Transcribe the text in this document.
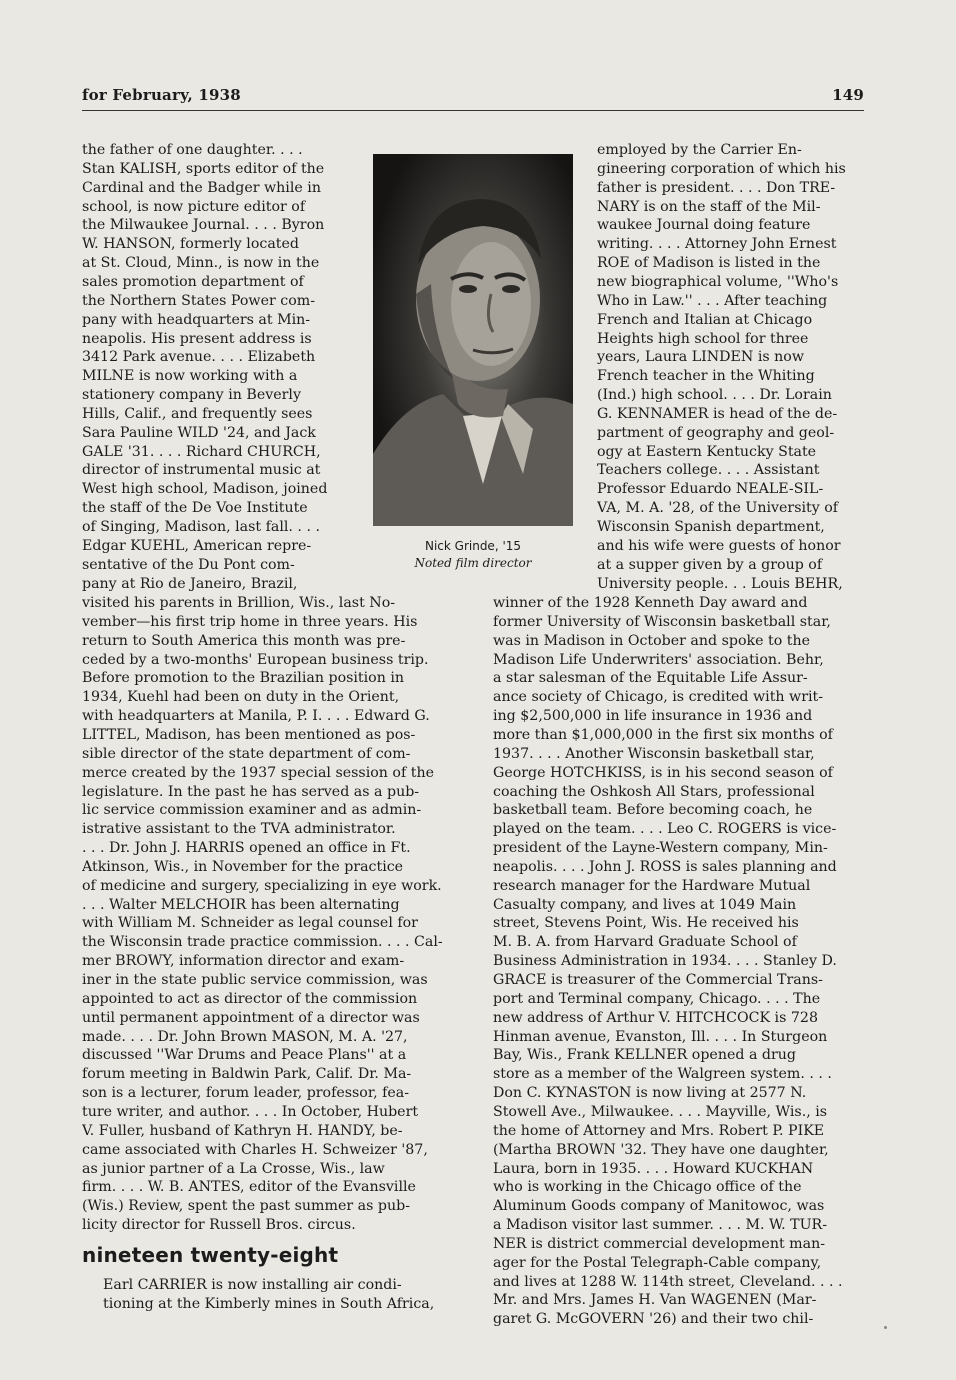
for February, 1938	149
the father of one daughter. . . .
Stan KALISH, sports editor of the
Cardinal and the Badger while in
school, is now picture editor of
the Milwaukee Journal. . . . Byron
W. HANSON, formerly located
at St. Cloud, Minn., is now in the
sales promotion department of
the Northern States Power com-
pany with headquarters at Min-
neapolis. His present address is
3412 Park avenue. . . . Elizabeth
MILNE is now working with a
stationery company in Beverly
Hills, Calif., and frequently sees
Sara Pauline WILD '24, and Jack
GALE '31. . . . Richard CHURCH,
director of instrumental music at
West high school, Madison, joined
the staff of the De Voe Institute
of Singing, Madison, last fall. . . .
Edgar KUEHL, American repre-
sentative of the Du Pont com-
pany at Rio de Janeiro, Brazil,
visited his parents in Brillion, Wis., last No-
vember—his first trip home in three years. His
return to South America this month was pre-
ceded by a two-months' European business trip.
Before promotion to the Brazilian position in
1934, Kuehl had been on duty in the Orient,
with headquarters at Manila, P. I. . . . Edward G.
LITTEL, Madison, has been mentioned as pos-
sible director of the state department of com-
merce created by the 1937 special session of the
legislature. In the past he has served as a pub-
lic service commission examiner and as admin-
istrative assistant to the TVA administrator.
. . . Dr. John J. HARRIS opened an office in Ft.
Atkinson, Wis., in November for the practice
of medicine and surgery, specializing in eye work.
. . . Walter MELCHOIR has been alternating
with William M. Schneider as legal counsel for
the Wisconsin trade practice commission. . . . Cal-
mer BROWY, information director and exam-
iner in the state public service commission, was
appointed to act as director of the commission
until permanent appointment of a director was
made. . . . Dr. John Brown MASON, M. A. '27,
discussed ''War Drums and Peace Plans'' at a
forum meeting in Baldwin Park, Calif. Dr. Ma-
son is a lecturer, forum leader, professor, fea-
ture writer, and author. . . . In October, Hubert
V. Fuller, husband of Kathryn H. HANDY, be-
came associated with Charles H. Schweizer '87,
as junior partner of a La Crosse, Wis., law
firm. . . . W. B. ANTES, editor of the Evansville
(Wis.) Review, spent the past summer as pub-
licity director for Russell Bros. circus.
Earl CARRIER is now installing air condi-
tioning at the Kimberly mines in South Africa,
employed by the Carrier En-
gineering corporation of which his
father is president. . . . Don TRE-
NARY is on the staff of the Mil-
waukee Journal doing feature
writing. . . . Attorney John Ernest
ROE of Madison is listed in the
new biographical volume, ''Who's
Who in Law.'' . . . After teaching
French and Italian at Chicago
Heights high school for three
years, Laura LINDEN is now
French teacher in the Whiting
(Ind.) high school. . . . Dr. Lorain
G. KENNAMER is head of the de-
partment of geography and geol-
ogy at Eastern Kentucky State
Teachers college. . . . Assistant
Professor Eduardo NEALE-SIL-
VA, M. A. '28, of the University of
Wisconsin Spanish department,
and his wife were guests of honor
at a supper given by a group of
University people. . . Louis BEHR,
winner of the 1928 Kenneth Day award and
former University of Wisconsin basketball star,
was in Madison in October and spoke to the
Madison Life Underwriters' association. Behr,
a star salesman of the Equitable Life Assur-
ance society of Chicago, is credited with writ-
ing $2,500,000 in life insurance in 1936 and
more than $1,000,000 in the first six months of
1937. . . . Another Wisconsin basketball star,
George HOTCHKISS, is in his second season of
coaching the Oshkosh All Stars, professional
basketball team. Before becoming coach, he
played on the team. . . . Leo C. ROGERS is vice-
president of the Layne-Western company, Min-
neapolis. . . . John J. ROSS is sales planning and
research manager for the Hardware Mutual
Casualty company, and lives at 1049 Main
street, Stevens Point, Wis. He received his
M. B. A. from Harvard Graduate School of
Business Administration in 1934. . . . Stanley D.
GRACE is treasurer of the Commercial Trans-
port and Terminal company, Chicago. . . . The
new address of Arthur V. HITCHCOCK is 728
Hinman avenue, Evanston, Ill. . . . In Sturgeon
Bay, Wis., Frank KELLNER opened a drug
store as a member of the Walgreen system. . . .
Don C. KYNASTON is now living at 2577 N.
Stowell Ave., Milwaukee. . . . Mayville, Wis., is
the home of Attorney and Mrs. Robert P. PIKE
(Martha BROWN '32. They have one daughter,
Laura, born in 1935. . . . Howard KUCKHAN
who is working in the Chicago office of the
Aluminum Goods company of Manitowoc, was
a Madison visitor last summer. . . . M. W. TUR-
NER is district commercial development man-
ager for the Postal Telegraph-Cable company,
and lives at 1288 W. 114th street, Cleveland. . . .
Mr. and Mrs. James H. Van WAGENEN (Mar-
garet G. McGOVERN '26) and their two chil-
Nick Grinde, '15
Noted film director
nineteen twenty-eight
